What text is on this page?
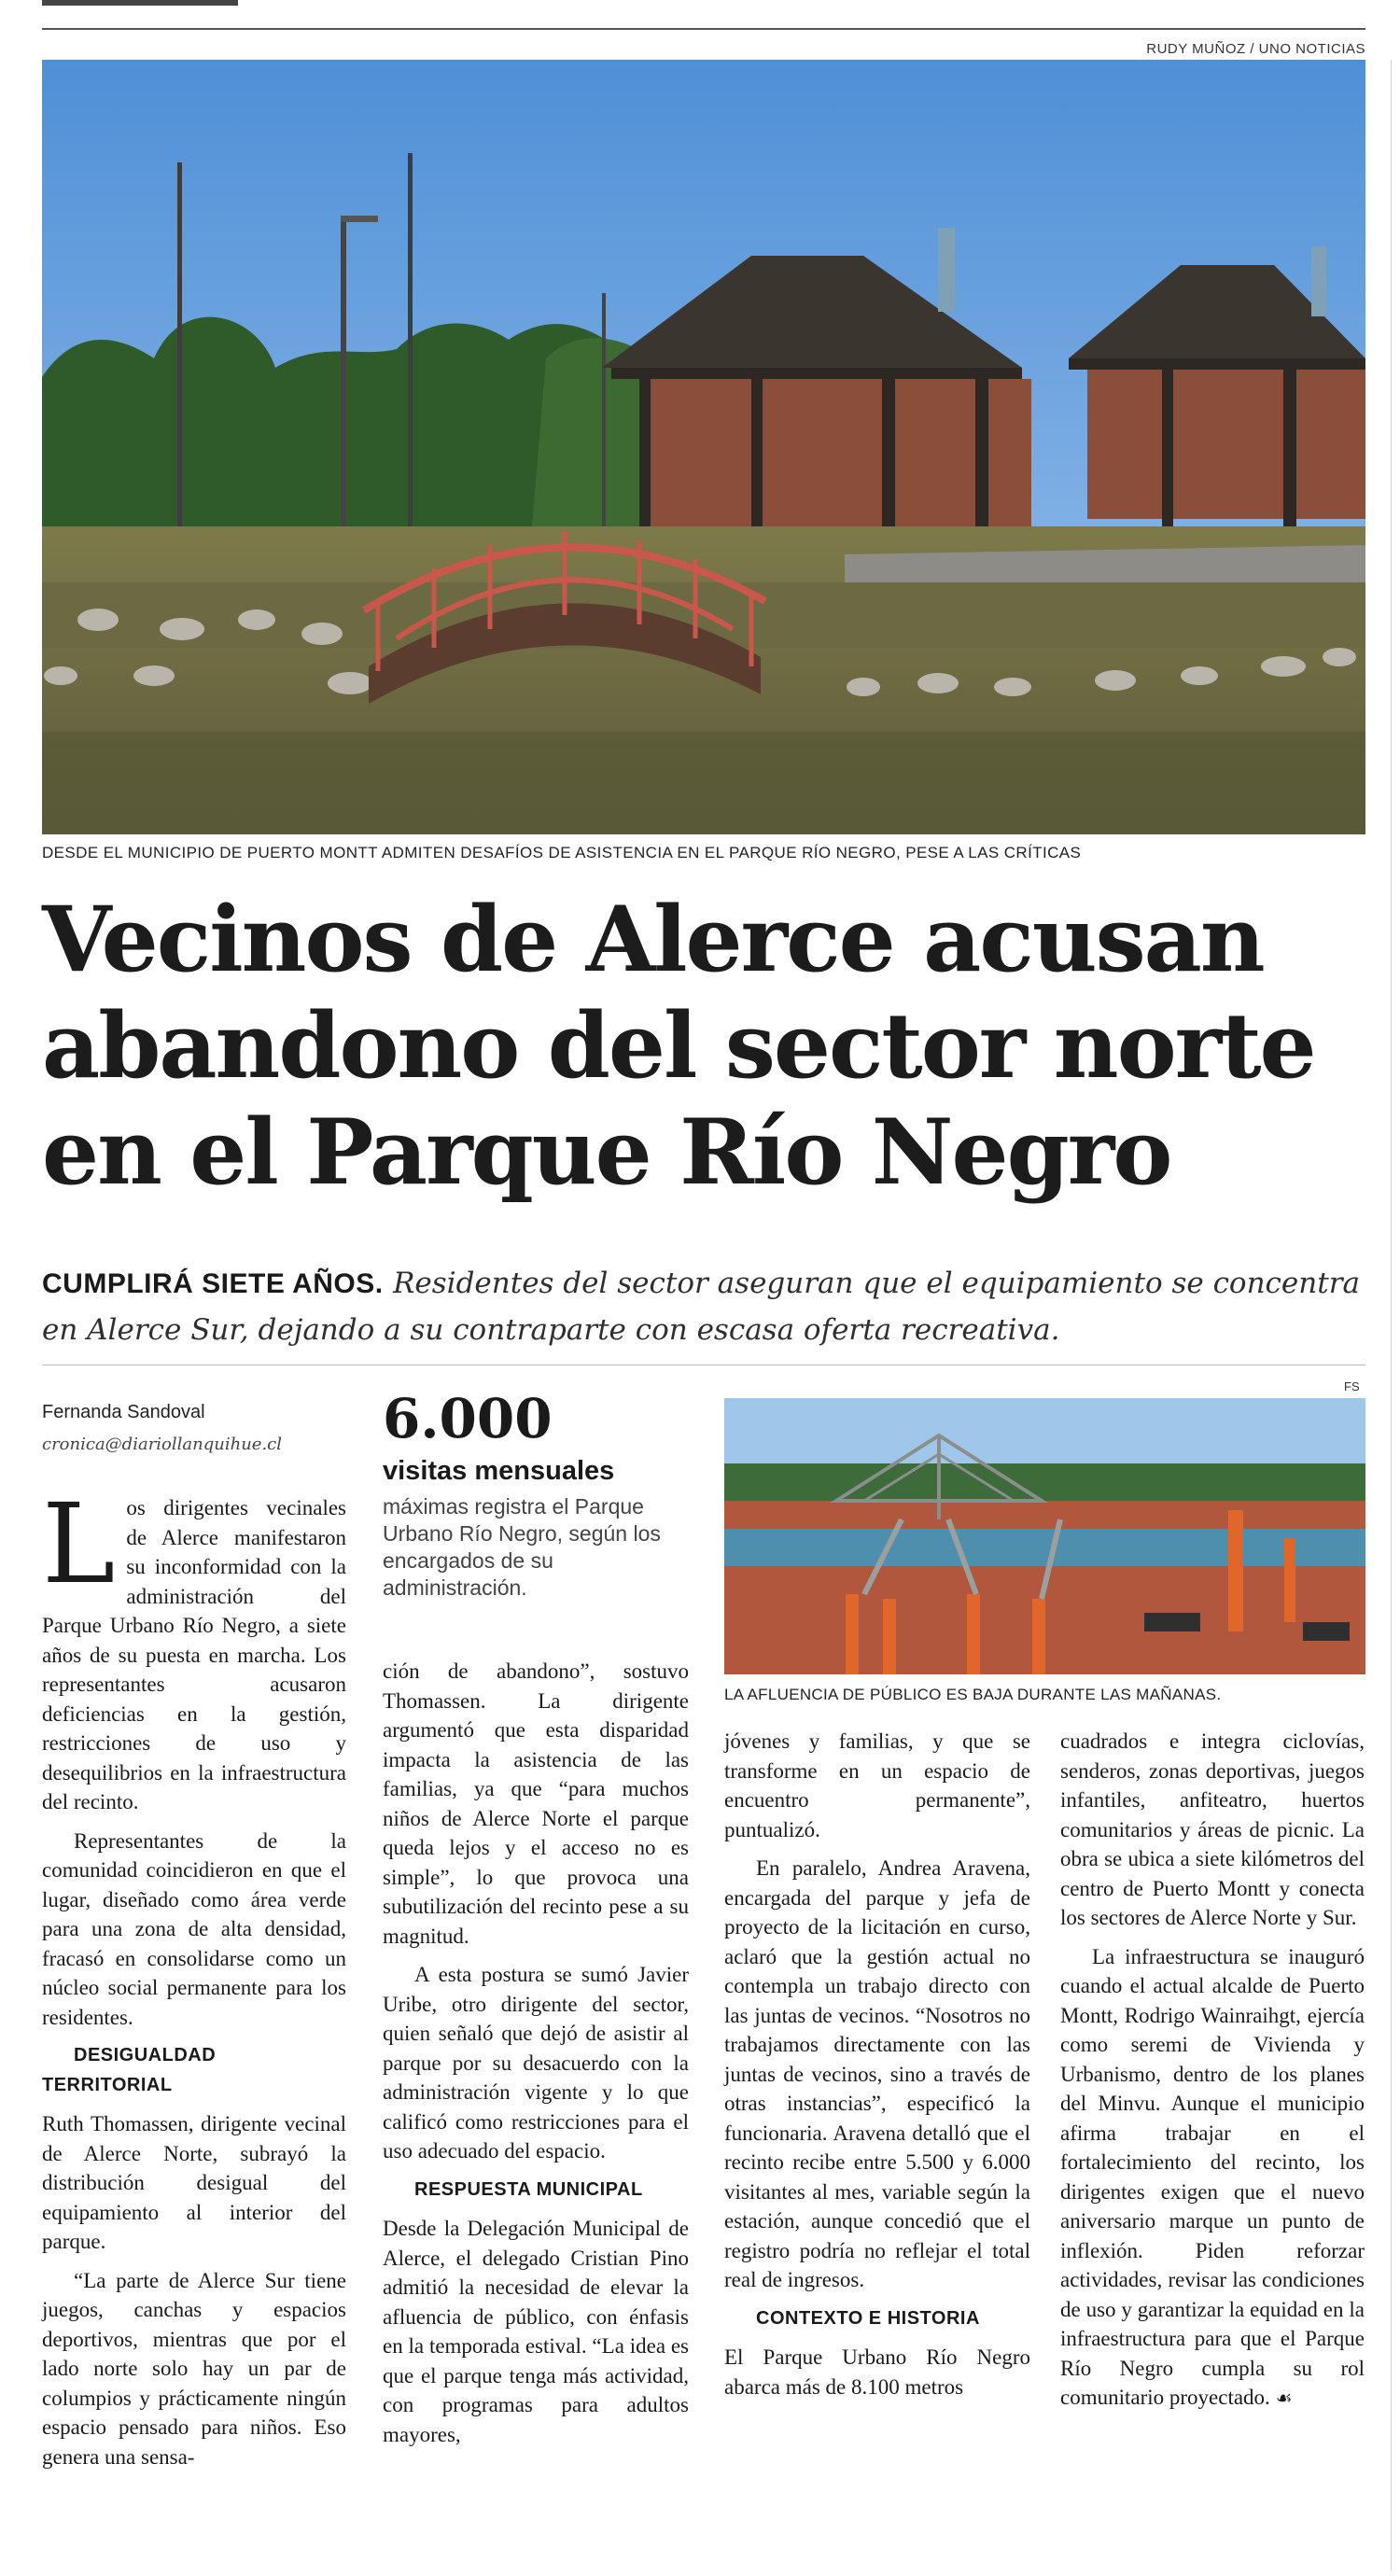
RUDY MUÑOZ / UNO NOTICIAS
DESDE EL MUNICIPIO DE PUERTO MONTT ADMITEN DESAFÍOS DE ASISTENCIA EN EL PARQUE RÍO NEGRO, PESE A LAS CRÍTICAS
Vecinos de Alerce acusan
abandono del sector norte
en el Parque Río Negro
CUMPLIRÁ SIETE AÑOS. Residentes del sector aseguran que el equipamiento se concentra en Alerce Sur, dejando a su contraparte con escasa oferta recreativa.
Fernanda Sandoval
cronica@diariollanquihue.cl 6.000
visitas mensuales
máximas registra el Parque Urbano Río Negro, según los encargados de su administración.
FS
LA AFLUENCIA DE PÚBLICO ES BAJA DURANTE LAS MAÑANAS.

Los dirigentes vecinales de Alerce manifestaron su inconformidad con la administración del Parque Urbano Río Negro, a siete años de su puesta en marcha. Los representantes acusaron deficiencias en la gestión, restricciones de uso y desequilibrios en la infraestructura del recinto.

Representantes de la comunidad coincidieron en que el lugar, diseñado como área verde para una zona de alta densidad, fracasó en consolidarse como un núcleo social permanente para los residentes.

DESIGUALDAD TERRITORIAL

Ruth Thomassen, dirigente vecinal de Alerce Norte, subrayó la distribución desigual del equipamiento al interior del parque.

“La parte de Alerce Sur tiene juegos, canchas y espacios deportivos, mientras que por el lado norte solo hay un par de columpios y prácticamente ningún espacio pensado para niños. Eso genera una sensa-

ción de abandono”, sostuvo Thomassen. La dirigente argumentó que esta disparidad impacta la asistencia de las familias, ya que “para muchos niños de Alerce Norte el parque queda lejos y el acceso no es simple”, lo que provoca una subutilización del recinto pese a su magnitud.

A esta postura se sumó Javier Uribe, otro dirigente del sector, quien señaló que dejó de asistir al parque por su desacuerdo con la administración vigente y lo que calificó como restricciones para el uso adecuado del espacio.

RESPUESTA MUNICIPAL

Desde la Delegación Municipal de Alerce, el delegado Cristian Pino admitió la necesidad de elevar la afluencia de público, con énfasis en la temporada estival. “La idea es que el parque tenga más actividad, con programas para adultos mayores,

jóvenes y familias, y que se transforme en un espacio de encuentro permanente”, puntualizó.

En paralelo, Andrea Aravena, encargada del parque y jefa de proyecto de la licitación en curso, aclaró que la gestión actual no contempla un trabajo directo con las juntas de vecinos. “Nosotros no trabajamos directamente con las juntas de vecinos, sino a través de otras instancias”, especificó la funcionaria. Aravena detalló que el recinto recibe entre 5.500 y 6.000 visitantes al mes, variable según la estación, aunque concedió que el registro podría no reflejar el total real de ingresos.

CONTEXTO E HISTORIA

El Parque Urbano Río Negro abarca más de 8.100 metros

cuadrados e integra ciclovías, senderos, zonas deportivas, juegos infantiles, anfiteatro, huertos comunitarios y áreas de picnic. La obra se ubica a siete kilómetros del centro de Puerto Montt y conecta los sectores de Alerce Norte y Sur.

La infraestructura se inauguró cuando el actual alcalde de Puerto Montt, Rodrigo Wainraihgt, ejercía como seremi de Vivienda y Urbanismo, dentro de los planes del Minvu. Aunque el municipio afirma trabajar en el fortalecimiento del recinto, los dirigentes exigen que el nuevo aniversario marque un punto de inflexión. Piden reforzar actividades, revisar las condiciones de uso y garantizar la equidad en la infraestructura para que el Parque Río Negro cumpla su rol comunitario proyectado. ☙
